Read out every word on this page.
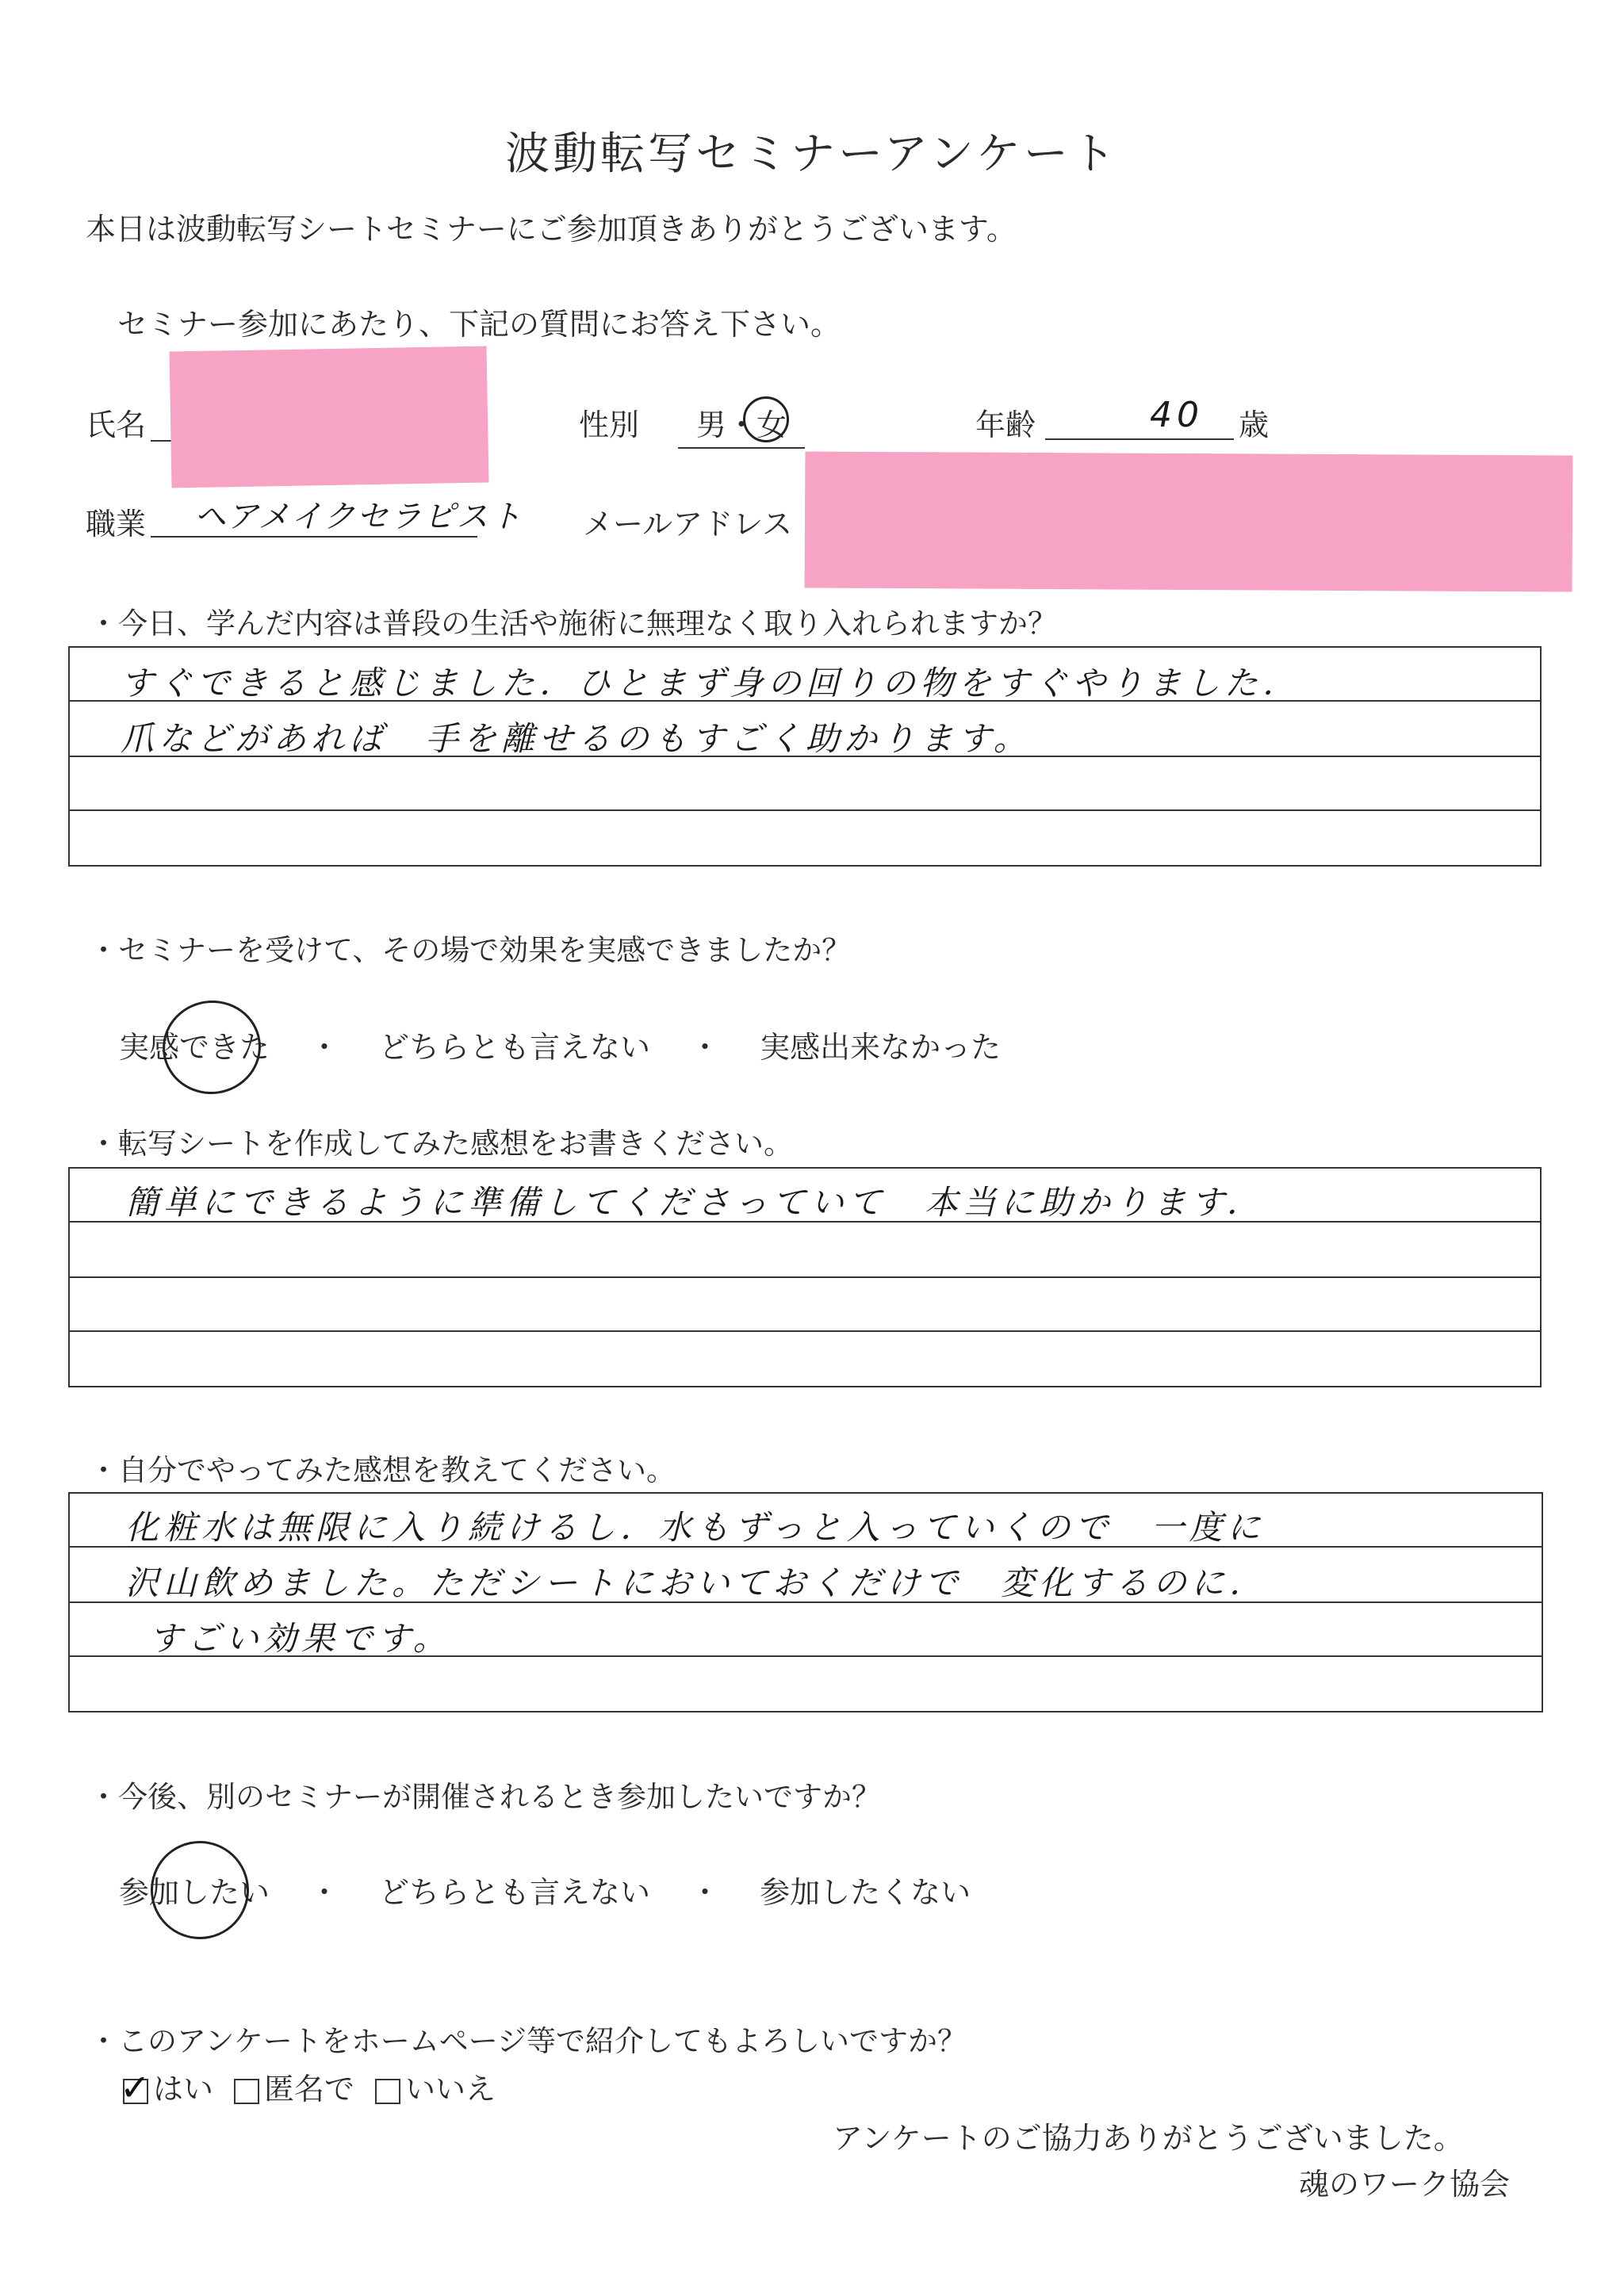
波動転写セミナーアンケート
本日は波動転写シートセミナーにご参加頂きありがとうございます。
セミナー参加にあたり、下記の質問にお答え下さい。
氏名	性別	男・女	年齢	40 歳
職業 ヘアメイクセラピスト メールアドレス
・今日、学んだ内容は普段の生活や施術に無理なく取り入れられますか？
すぐできると感じました．ひとまず身の回りの物をすぐやりました．
爪などがあれば　手を離せるのもすごく助かります。
・セミナーを受けて、その場で効果を実感できましたか？
実感できた ・ どちらとも言えない ・ 実感出来なかった
・転写シートを作成してみた感想をお書きください。
簡単にできるように準備してくださっていて　本当に助かります．
・自分でやってみた感想を教えてください。
化粧水は無限に入り続けるし．水もずっと入っていくので　一度に
沢山飲めました。ただシートにおいておくだけで　変化するのに．
すごい効果です。
・今後、別のセミナーが開催されるとき参加したいですか？
参加したい ・ どちらとも言えない ・ 参加したくない
・このアンケートをホームページ等で紹介してもよろしいですか？
✓ はい	匿名で	いいえ
アンケートのご協力ありがとうございました。
魂のワーク協会
